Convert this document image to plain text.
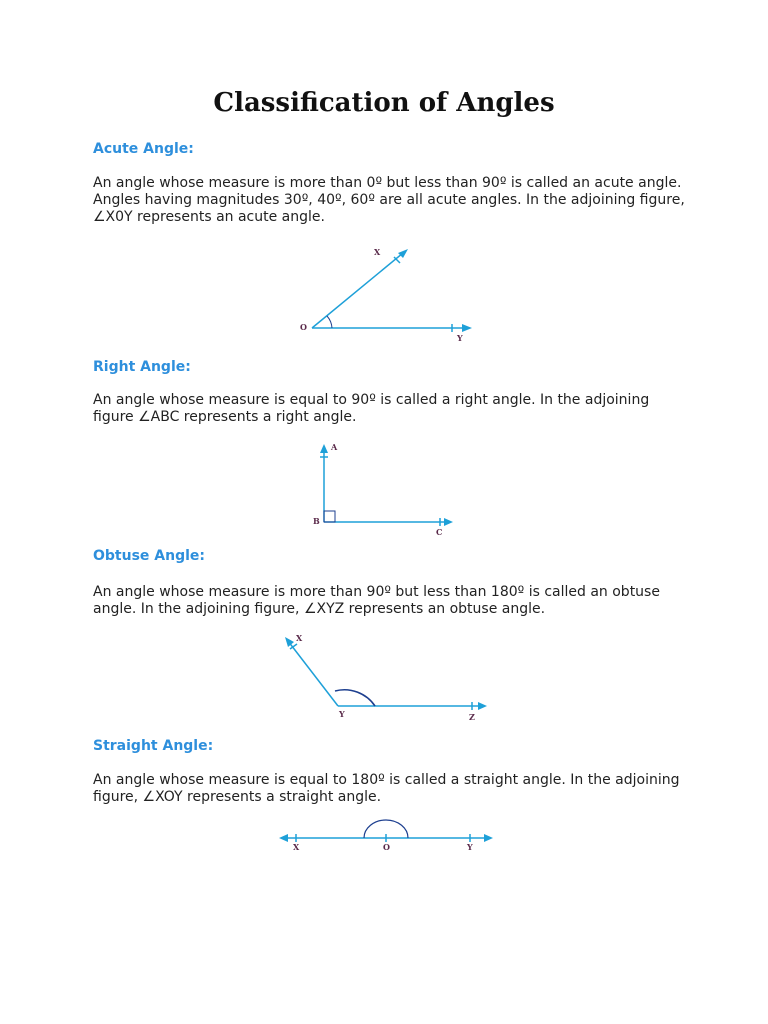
Classification of Angles
Acute Angle:

An angle whose measure is more than 0º but less than 90º is called an acute angle. Angles having magnitudes 30º, 40º, 60º are all acute angles. In the adjoining figure, ∠X0Y represents an acute angle.

X
O
Y
Right Angle:

An angle whose measure is equal to 90º is called a right angle. In the adjoining figure ∠ABC represents a right angle.

A
B
C
Obtuse Angle:

An angle whose measure is more than 90º but less than 180º is called an obtuse angle. In the adjoining figure, ∠XYZ represents an obtuse angle.

X
Y	Z
Straight Angle:

An angle whose measure is equal to 180º is called a straight angle. In the adjoining figure, ∠XOY represents a straight angle.

X	O	Y
